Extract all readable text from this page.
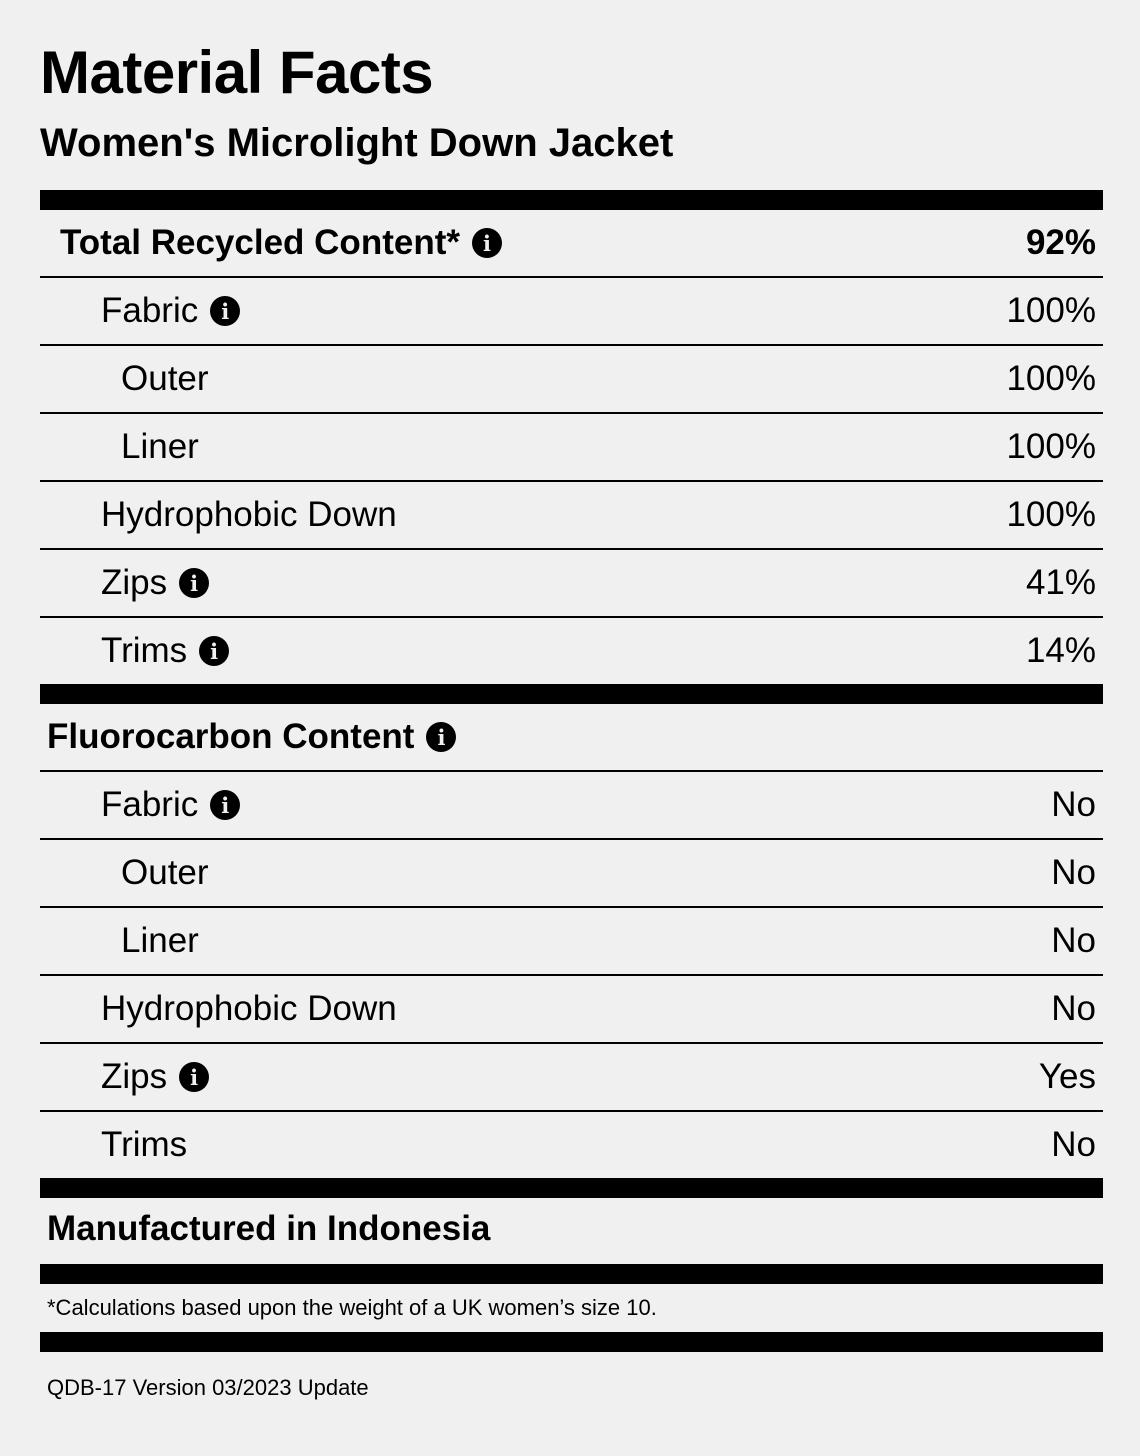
Material Facts
Women's Microlight Down Jacket
Total Recycled Content*	i	92%
Fabric	i	100%
Outer	100%
Liner	100%
Hydrophobic Down	100%
Zips	i	41%
Trims	i	14%
Fluorocarbon Content	i
Fabric	i	No
Outer	No
Liner	No
Hydrophobic Down	No
Zips	i	Yes
Trims	No
Manufactured in Indonesia
*Calculations based upon the weight of a UK women’s size 10.
QDB-17 Version 03/2023 Update
